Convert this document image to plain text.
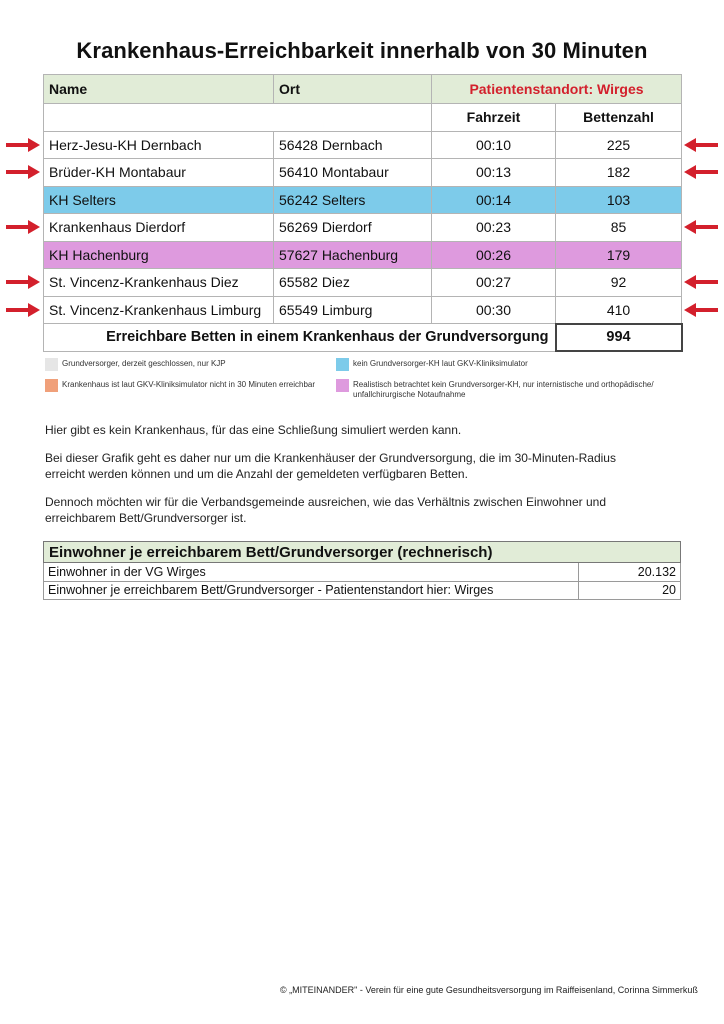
Krankenhaus-Erreichbarkeit innerhalb von 30 Minuten
Name	Ort	Patientenstandort: Wirges	
		Fahrzeit	Bettenzahl
Herz-Jesu-KH Dernbach	56428 Dernbach	00:10	225
Brüder-KH Montabaur	56410 Montabaur	00:13	182
KH Selters	56242 Selters	00:14	103
Krankenhaus Dierdorf	56269 Dierdorf	00:23	85
KH Hachenburg	57627 Hachenburg	00:26	179
St. Vincenz-Krankenhaus Diez	65582 Diez	00:27	92
St. Vincenz-Krankenhaus Limburg	65549 Limburg	00:30	410
Erreichbare Betten in einem Krankenhaus der Grundversorgung			994
Grundversorger, derzeit geschlossen, nur KJP	kein Grundversorger-KH laut GKV-Kliniksimulator
Krankenhaus ist laut GKV-Kliniksimulator nicht in 30 Minuten erreichbar	Realistisch betrachtet kein Grundversorger-KH, nur internistische und orthopädische/
unfallchirurgische Notaufnahme
Hier gibt es kein Krankenhaus, für das eine Schließung simuliert werden kann.
Bei dieser Grafik geht es daher nur um die Krankenhäuser der Grundversorgung, die im 30-Minuten-Radius
erreicht werden können und um die Anzahl der gemeldeten verfügbaren Betten.
Dennoch möchten wir für die Verbandsgemeinde ausreichen, wie das Verhältnis zwischen Einwohner und
erreichbarem Bett/Grundversorger ist.
Einwohner je erreichbarem Bett/Grundversorger (rechnerisch)	
Einwohner in der VG Wirges	20.132
Einwohner je erreichbarem Bett/Grundversorger - Patientenstandort hier: Wirges	20
© „MITEINANDER" - Verein für eine gute Gesundheitsversorgung im Raiffeisenland, Corinna Simmerkuß
